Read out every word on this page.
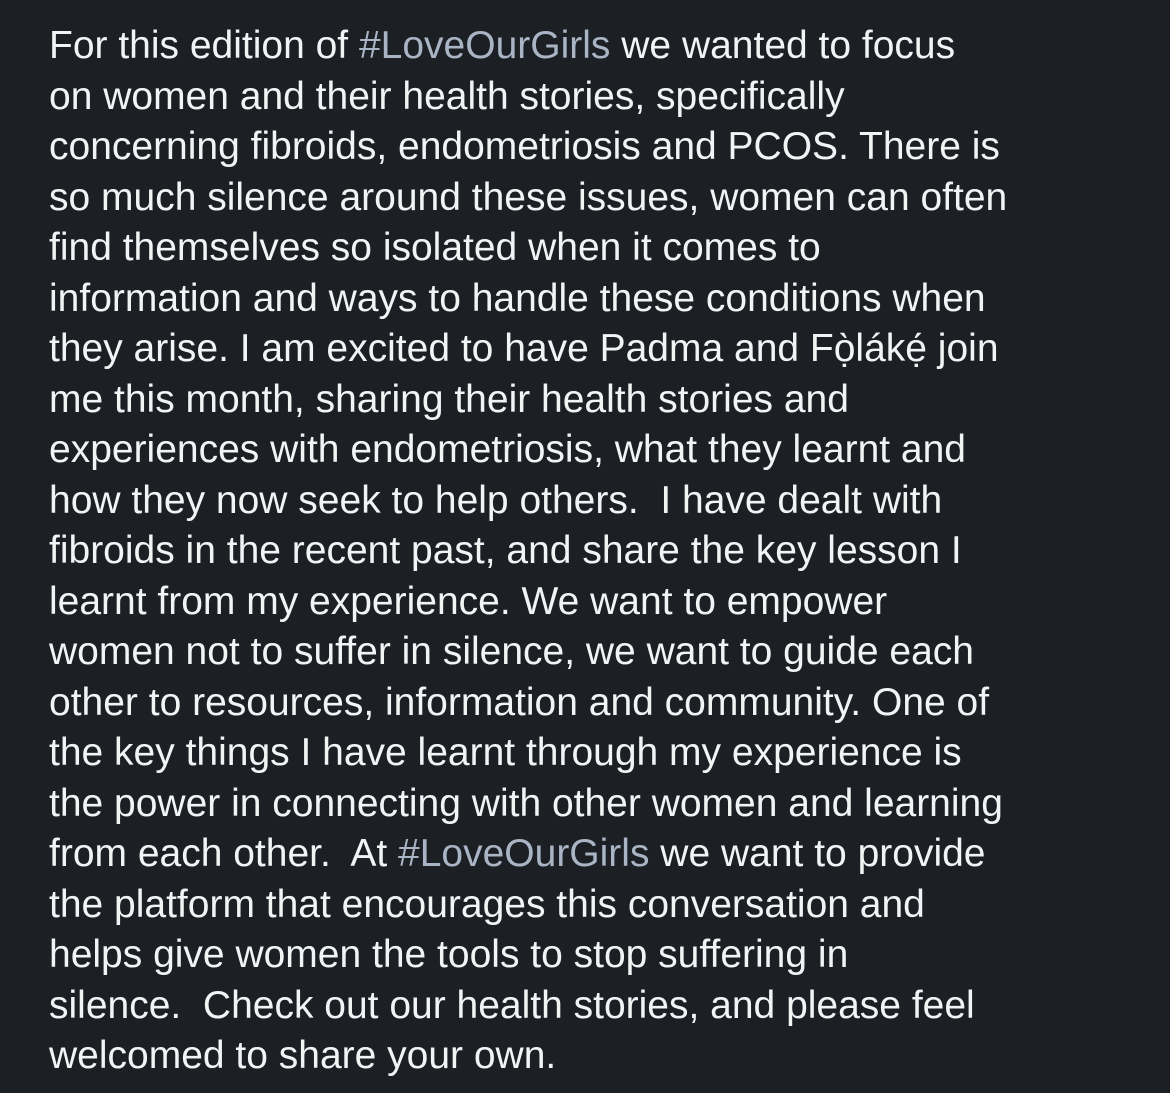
For this edition of #LoveOurGirls we wanted to focus
on women and their health stories, specifically
concerning fibroids, endometriosis and PCOS. There is
so much silence around these issues, women can often
find themselves so isolated when it comes to
information and ways to handle these conditions when
they arise. I am excited to have Padma and Fọ̀lákẹ́ join
me this month, sharing their health stories and
experiences with endometriosis, what they learnt and
how they now seek to help others.  I have dealt with
fibroids in the recent past, and share the key lesson I
learnt from my experience. We want to empower
women not to suffer in silence, we want to guide each
other to resources, information and community. One of
the key things I have learnt through my experience is
the power in connecting with other women and learning
from each other.  At #LoveOurGirls we want to provide
the platform that encourages this conversation and
helps give women the tools to stop suffering in
silence.  Check out our health stories, and please feel
welcomed to share your own.
